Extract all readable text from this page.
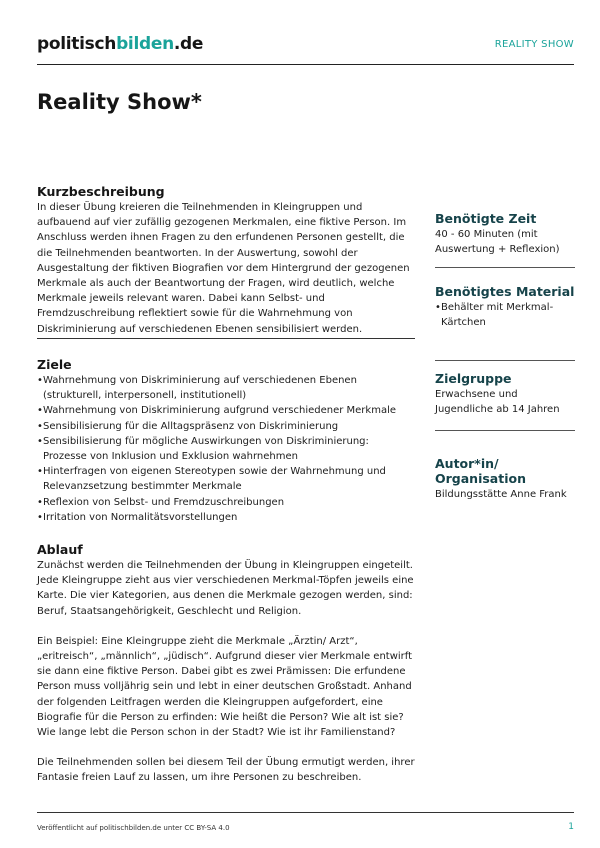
politischbilden.de	REALITY SHOW
Reality Show*
Kurzbeschreibung

In dieser Übung kreieren die Teilnehmenden in Kleingruppen und aufbauend auf vier zufällig gezogenen Merkmalen, eine fiktive Person. Im Anschluss werden ihnen Fragen zu den erfundenen Personen gestellt, die die Teilnehmenden beantworten. In der Auswertung, sowohl der Ausgestaltung der fiktiven Biografien vor dem Hintergrund der gezogenen Merkmale als auch der Beantwortung der Fragen, wird deutlich, welche Merkmale jeweils relevant waren. Dabei kann Selbst- und Fremdzuschreibung reflektiert sowie für die Wahrnehmung von Diskriminierung auf verschiedenen Ebenen sensibilisiert werden.

Ziele
• Wahrnehmung von Diskriminierung auf verschiedenen Ebenen (strukturell, interpersonell, institutionell)
• Wahrnehmung von Diskriminierung aufgrund verschiedener Merkmale
• Sensibilisierung für die Alltagspräsenz von Diskriminierung
• Sensibilisierung für mögliche Auswirkungen von Diskriminierung: Prozesse von Inklusion und Exklusion wahrnehmen
• Hinterfragen von eigenen Stereotypen sowie der Wahrnehmung und Relevanzsetzung bestimmter Merkmale
• Reflexion von Selbst- und Fremdzuschreibungen
• Irritation von Normalitätsvorstellungen
Ablauf

Zunächst werden die Teilnehmenden der Übung in Kleingruppen eingeteilt. Jede Kleingruppe zieht aus vier verschiedenen Merkmal-Töpfen jeweils eine Karte. Die vier Kategorien, aus denen die Merkmale gezogen werden, sind: Beruf, Staatsangehörigkeit, Geschlecht und Religion.

Ein Beispiel: Eine Kleingruppe zieht die Merkmale „Ärztin/ Arzt“, „eritreisch“, „männlich“, „jüdisch“. Aufgrund dieser vier Merkmale entwirft sie dann eine fiktive Person. Dabei gibt es zwei Prämissen: Die erfundene Person muss volljährig sein und lebt in einer deutschen Großstadt. Anhand der folgenden Leitfragen werden die Kleingruppen aufgefordert, eine Biografie für die Person zu erfinden: Wie heißt die Person? Wie alt ist sie? Wie lange lebt die Person schon in der Stadt? Wie ist ihr Familienstand?

Die Teilnehmenden sollen bei diesem Teil der Übung ermutigt werden, ihrer Fantasie freien Lauf zu lassen, um ihre Personen zu beschreiben.

Benötigte Zeit

40 - 60 Minuten (mit Auswertung + Reflexion)

Benötigtes Material
• Behälter mit Merkmal-Kärtchen
Zielgruppe

Erwachsene und Jugendliche ab 14 Jahren

Autor*in/ Organisation

Bildungsstätte Anne Frank

Veröffentlicht auf politischbilden.de unter CC BY-SA 4.0	1
